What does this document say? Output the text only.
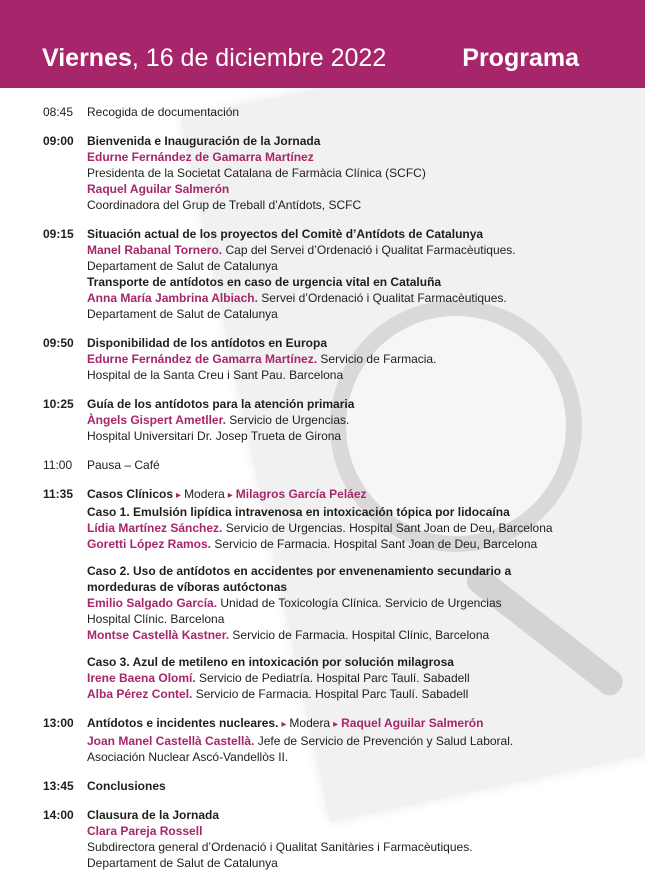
Viernes, 16 de diciembre 2022	Programa
08:45	Recogida de documentación
09:00	Bienvenida e Inauguración de la Jornada
Edurne Fernández de Gamarra Martínez
Presidenta de la Societat Catalana de Farmàcia Clínica (SCFC)
Raquel Aguilar Salmerón
Coordinadora del Grup de Treball d’Antídots, SCFC
09:15	Situación actual de los proyectos del Comitè d’Antídots de Catalunya
Manel Rabanal Tornero. Cap del Servei d’Ordenació i Qualitat Farmacèutiques.
Departament de Salut de Catalunya
Transporte de antídotos en caso de urgencia vital en Cataluña
Anna María Jambrina Albiach. Servei d’Ordenació i Qualitat Farmacèutiques.
Departament de Salut de Catalunya
09:50	Disponibilidad de los antídotos en Europa
Edurne Fernández de Gamarra Martínez. Servicio de Farmacia.
Hospital de la Santa Creu i Sant Pau. Barcelona
10:25	Guía de los antídotos para la atención primaria
Àngels Gispert Ametller. Servicio de Urgencias.
Hospital Universitari Dr. Josep Trueta de Girona
11:00	Pausa – Café
11:35	Casos Clínicos ▸ Modera ▸ Milagros García Peláez
Caso 1. Emulsión lipídica intravenosa en intoxicación tópica por lidocaína
Lídia Martínez Sánchez. Servicio de Urgencias. Hospital Sant Joan de Deu, Barcelona
Goretti López Ramos. Servicio de Farmacia. Hospital Sant Joan de Deu, Barcelona
Caso 2. Uso de antídotos en accidentes por envenenamiento secundario a mordeduras de víboras autóctonas
Emilio Salgado García. Unidad de Toxicología Clínica. Servicio de Urgencias
Hospital Clínic. Barcelona
Montse Castellà Kastner. Servicio de Farmacia. Hospital Clínic, Barcelona
Caso 3. Azul de metileno en intoxicación por solución milagrosa
Irene Baena Olomí. Servicio de Pediatría. Hospital Parc Taulí. Sabadell
Alba Pérez Contel. Servicio de Farmacia. Hospital Parc Taulí. Sabadell
13:00	Antídotos e incidentes nucleares. ▸ Modera ▸ Raquel Aguilar Salmerón
Joan Manel Castellà Castellà. Jefe de Servicio de Prevención y Salud Laboral.
Asociación Nuclear Ascó-Vandellòs II.
13:45	Conclusiones
14:00	Clausura de la Jornada
Clara Pareja Rossell
Subdirectora general d’Ordenació i Qualitat Sanitàries i Farmacèutiques.
Departament de Salut de Catalunya
